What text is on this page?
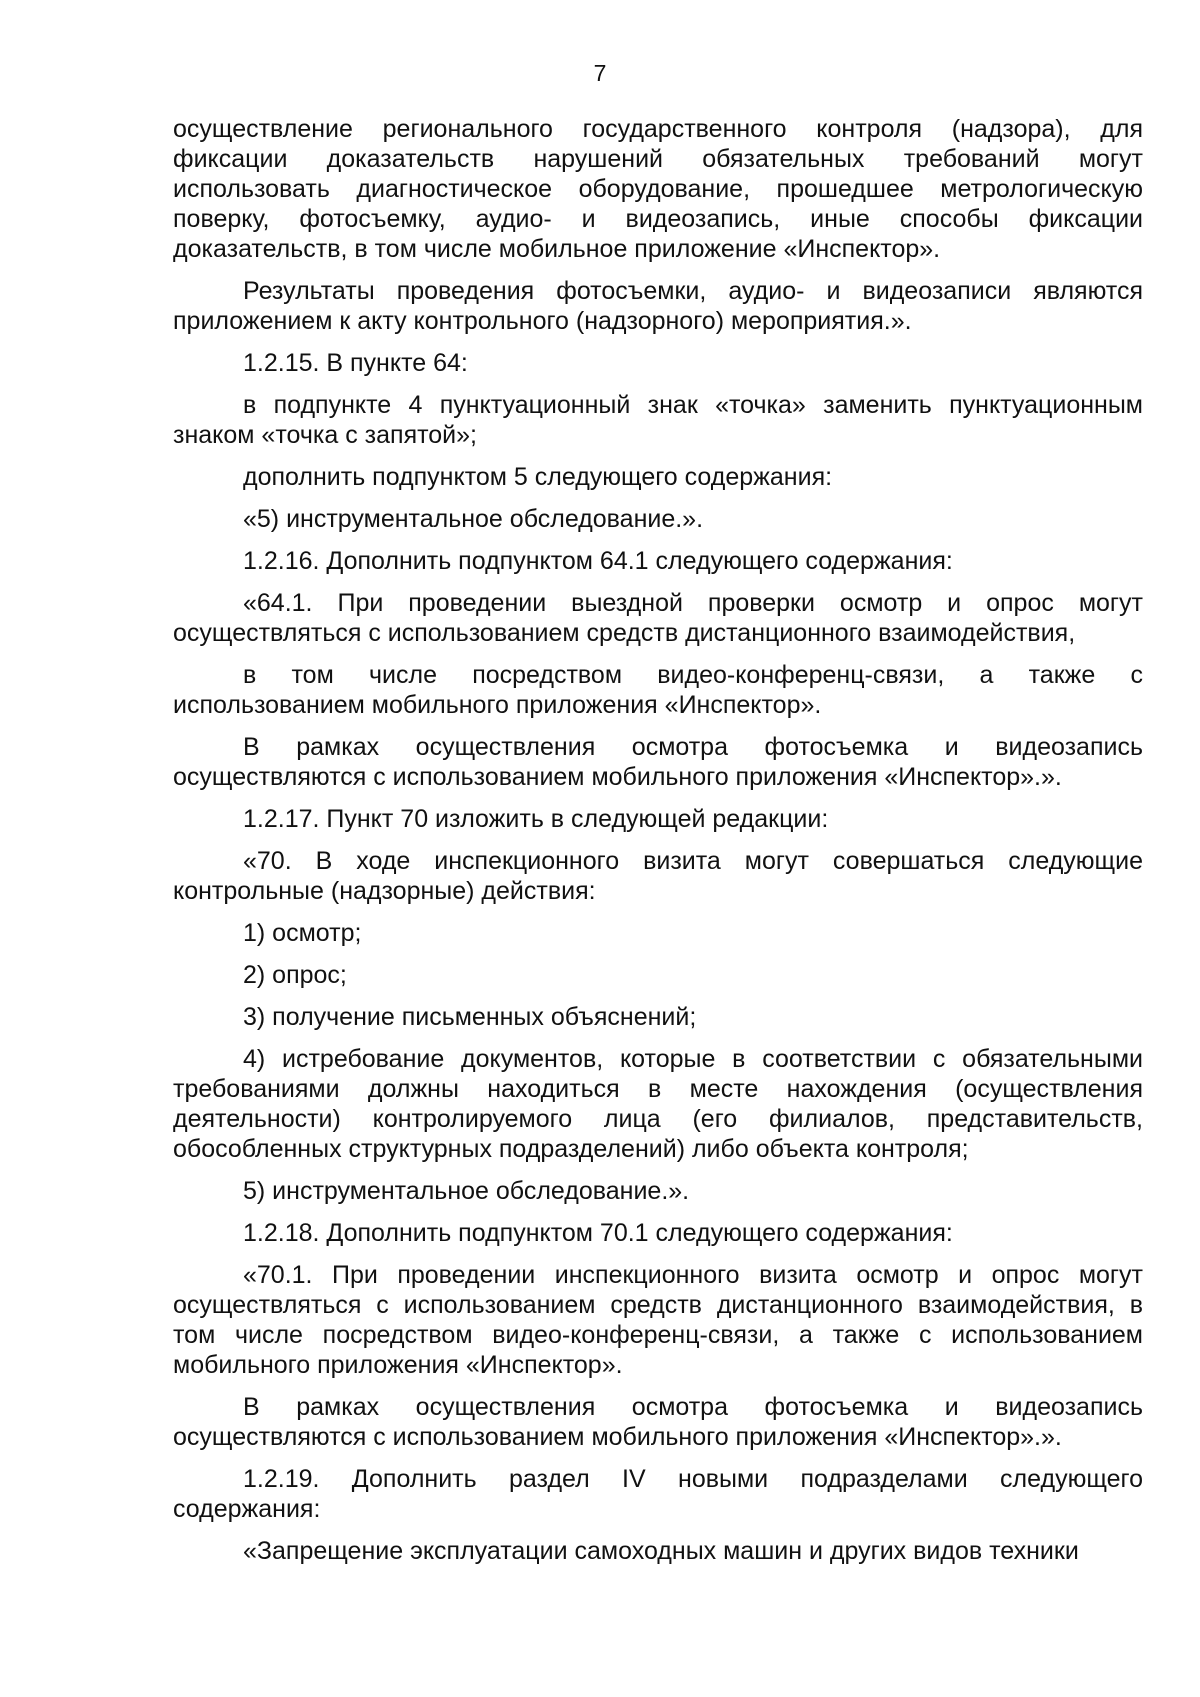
7

осуществление регионального государственного контроля (надзора), для фиксации доказательств нарушений обязательных требований могут использовать диагностическое оборудование, прошедшее метрологическую поверку, фотосъемку, аудио- и видеозапись, иные способы фиксации доказательств, в том числе мобильное приложение «Инспектор».

Результаты проведения фотосъемки, аудио- и видеозаписи являются приложением к акту контрольного (надзорного) мероприятия.».

1.2.15. В пункте 64:

в подпункте 4 пунктуационный знак «точка» заменить пунктуационным знаком «точка с запятой»;

дополнить подпунктом 5 следующего содержания:

«5) инструментальное обследование.».

1.2.16. Дополнить подпунктом 64.1 следующего содержания:

«64.1. При проведении выездной проверки осмотр и опрос могут осуществляться с использованием средств дистанционного взаимодействия,

в том числе посредством видео-конференц-связи, а также с использованием мобильного приложения «Инспектор».

В рамках осуществления осмотра фотосъемка и видеозапись осуществляются с использованием мобильного приложения «Инспектор».».

1.2.17. Пункт 70 изложить в следующей редакции:

«70. В ходе инспекционного визита могут совершаться следующие контрольные (надзорные) действия:

1) осмотр;

2) опрос;

3) получение письменных объяснений;

4) истребование документов, которые в соответствии с обязательными требованиями должны находиться в месте нахождения (осуществления деятельности) контролируемого лица (его филиалов, представительств, обособленных структурных подразделений) либо объекта контроля;

5) инструментальное обследование.».

1.2.18. Дополнить подпунктом 70.1 следующего содержания:

«70.1. При проведении инспекционного визита осмотр и опрос могут осуществляться с использованием средств дистанционного взаимодействия, в том числе посредством видео-конференц-связи, а также с использованием мобильного приложения «Инспектор».

В рамках осуществления осмотра фотосъемка и видеозапись осуществляются с использованием мобильного приложения «Инспектор».».

1.2.19. Дополнить раздел IV новыми подразделами следующего содержания:

«Запрещение эксплуатации самоходных машин и других видов техники
